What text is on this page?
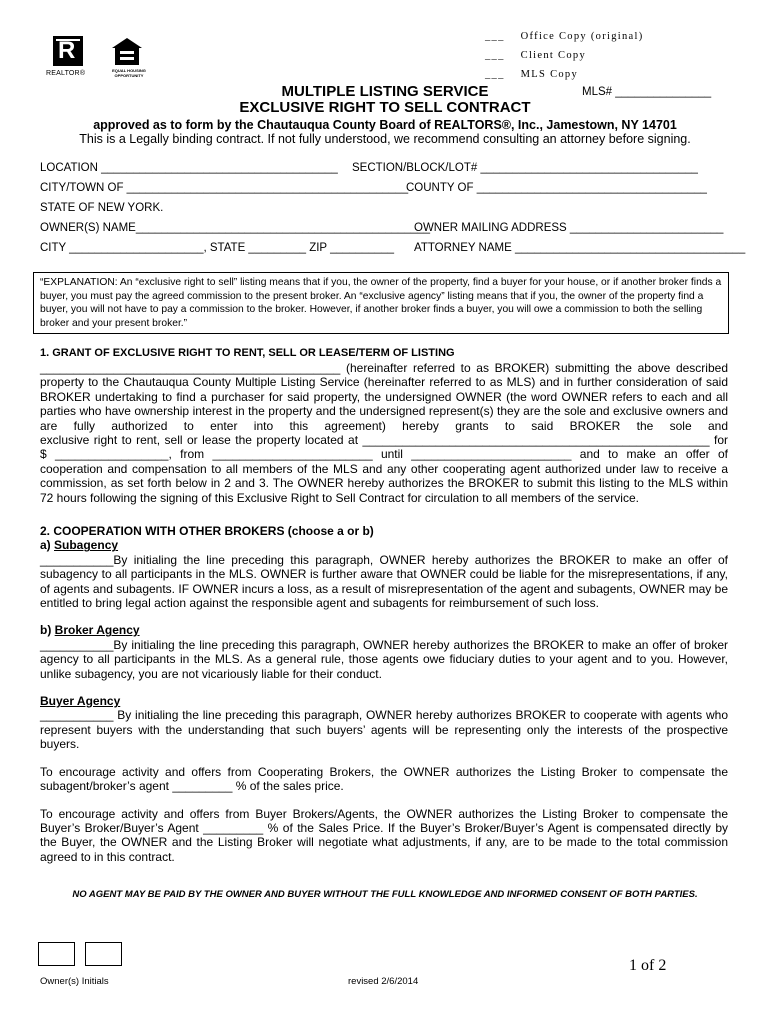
R
REALTOR®	EQUAL HOUSING OPPORTUNITY
___ Office Copy (original)
___ Client Copy
___ MLS Copy
MULTIPLE LISTING SERVICE	MLS# _______________
EXCLUSIVE RIGHT TO SELL CONTRACT
approved as to form by the Chautauqua County Board of REALTORS®, Inc., Jamestown, NY 14701
This is a Legally binding contract. If not fully understood, we recommend consulting an attorney before signing.
LOCATION _____________________________________ SECTION/BLOCK/LOT# __________________________________
CITY/TOWN OF ____________________________________________
COUNTY OF ____________________________________
STATE OF NEW YORK.
OWNER(S) NAME______________________________________________
OWNER MAILING ADDRESS ________________________
CITY _____________________, STATE _________ ZIP __________ ATTORNEY NAME ____________________________________
“EXPLANATION: An “exclusive right to sell” listing means that if you, the owner of the property, find a buyer for your house, or if another broker finds a buyer, you must pay the agreed commission to the present broker. An “exclusive agency” listing means that if you, the owner of the property find a buyer, you will not have to pay a commission to the broker. However, if another broker finds a buyer, you will owe a commission to both the selling broker and your present broker.”
1. GRANT OF EXCLUSIVE RIGHT TO RENT, SELL OR LEASE/TERM OF LISTING

_____________________________________________ (hereinafter referred to as BROKER) submitting the above described

property to the Chautauqua County Multiple Listing Service (hereinafter referred to as MLS) and in further consideration of said BROKER undertaking to find a purchaser for said property, the undersigned OWNER (the word OWNER refers to each and all parties who have ownership interest in the property and the undersigned represent(s) they are the sole and exclusive owners and are fully authorized to enter into this agreement) hereby grants to said BROKER the sole and

exclusive right to rent, sell or lease the property located at ____________________________________________________ for

$ _________________, from ________________________ until ________________________ and to make an offer of

cooperation and compensation to all members of the MLS and any other cooperating agent authorized under law to receive a commission, as set forth below in 2 and 3. The OWNER hereby authorizes the BROKER to submit this listing to the MLS within 72 hours following the signing of this Exclusive Right to Sell Contract for circulation to all members of the service.

2. COOPERATION WITH OTHER BROKERS (choose a or b)

a) Subagency

___________By initialing the line preceding this paragraph, OWNER hereby authorizes the BROKER to make an offer of subagency to all participants in the MLS. OWNER is further aware that OWNER could be liable for the misrepresentations, if any, of agents and subagents. IF OWNER incurs a loss, as a result of misrepresentation of the agent and subagents, OWNER may be entitled to bring legal action against the responsible agent and subagents for reimbursement of such loss.

b) Broker Agency

___________By initialing the line preceding this paragraph, OWNER hereby authorizes the BROKER to make an offer of broker agency to all participants in the MLS. As a general rule, those agents owe fiduciary duties to your agent and to you. However, unlike subagency, you are not vicariously liable for their conduct.

Buyer Agency

___________ By initialing the line preceding this paragraph, OWNER hereby authorizes BROKER to cooperate with agents who represent buyers with the understanding that such buyers’ agents will be representing only the interests of the prospective buyers.

To encourage activity and offers from Cooperating Brokers, the OWNER authorizes the Listing Broker to compensate the subagent/broker’s agent _________ % of the sales price.

To encourage activity and offers from Buyer Brokers/Agents, the OWNER authorizes the Listing Broker to compensate the Buyer’s Broker/Buyer’s Agent _________ % of the Sales Price. If the Buyer’s Broker/Buyer’s Agent is compensated directly by the Buyer, the OWNER and the Listing Broker will negotiate what adjustments, if any, are to be made to the total commission agreed to in this contract.

NO AGENT MAY BE PAID BY THE OWNER AND BUYER WITHOUT THE FULL KNOWLEDGE AND INFORMED CONSENT OF BOTH PARTIES.
Owner(s) Initials	revised 2/6/2014
1 of 2
